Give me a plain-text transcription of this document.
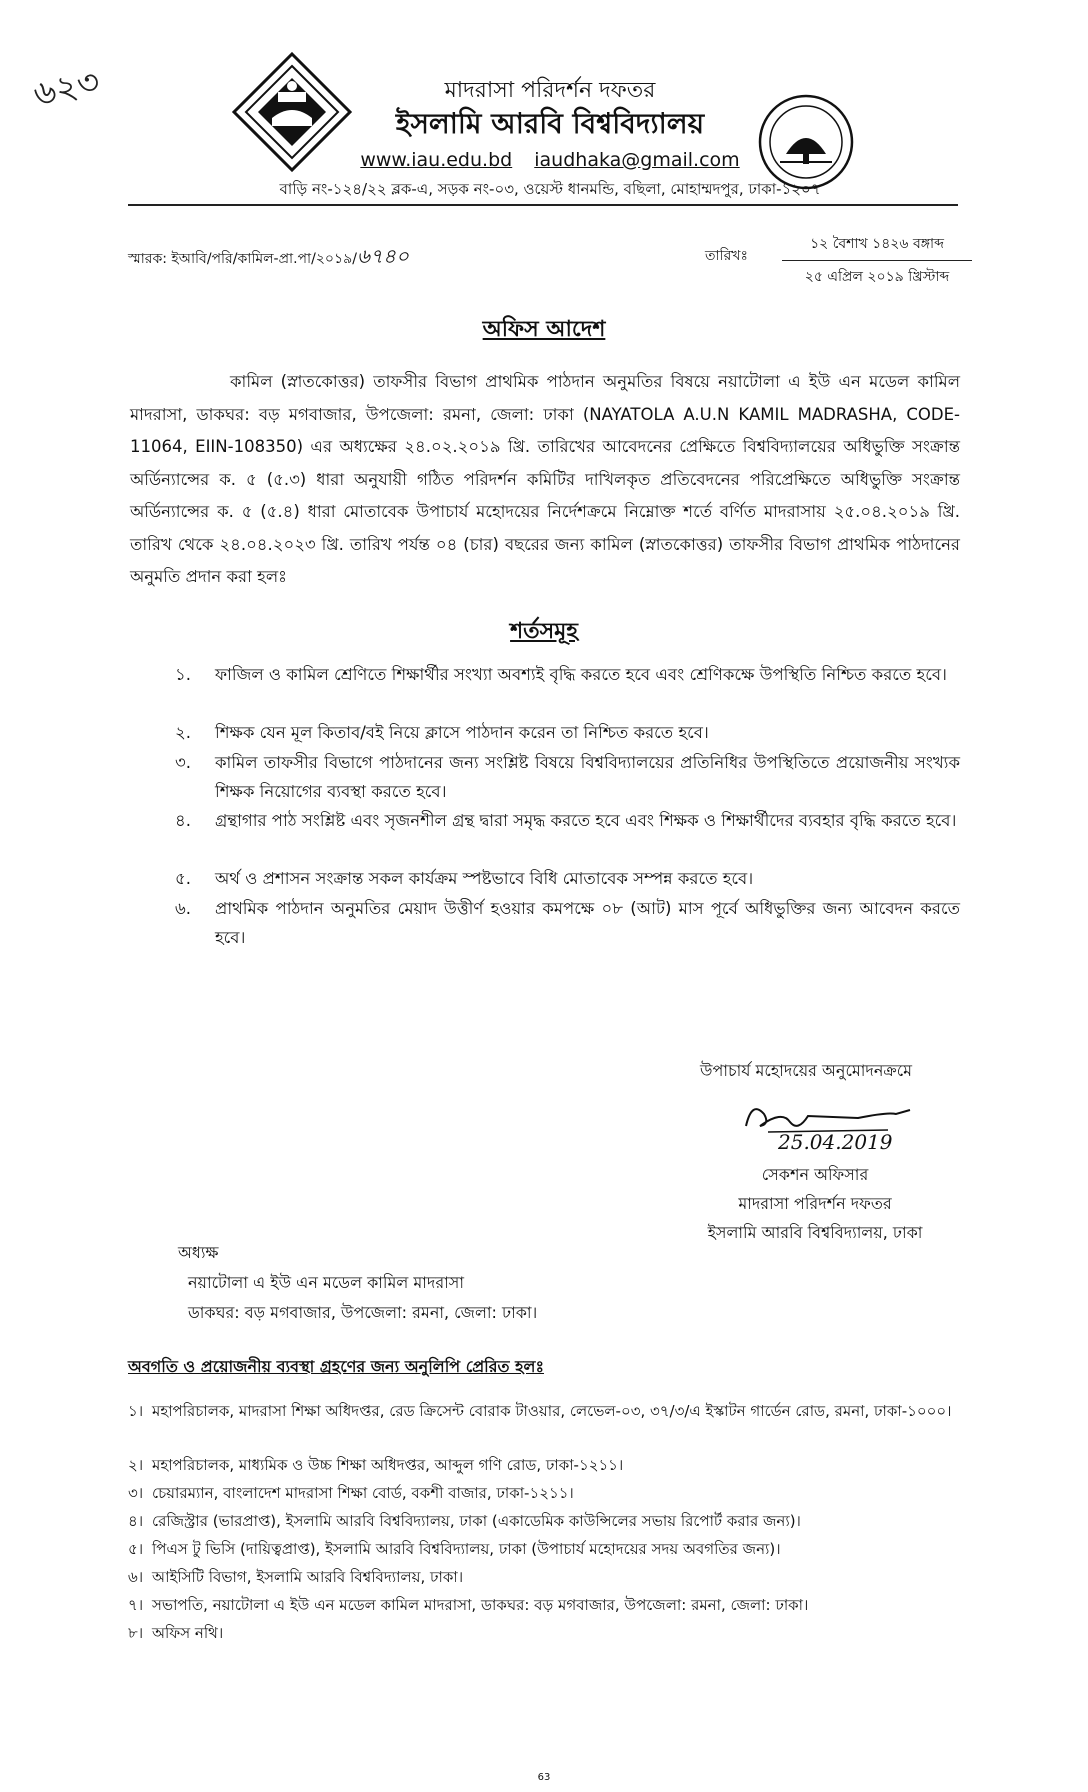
৬২৩	মাদরাসা পরিদর্শন দফতর
ইসলামি আরবি বিশ্ববিদ্যালয়
www.iau.edu.bd iaudhaka@gmail.com
বাড়ি নং-১২৪/২২ ব্লক-এ, সড়ক নং-০৩, ওয়েস্ট ধানমন্ডি, বছিলা, মোহাম্মদপুর, ঢাকা-১২০৭
স্মারক: ইআবি/পরি/কামিল-প্রা.পা/২০১৯/৬৭৪০	তারিখঃ
১২ বৈশাখ ১৪২৬ বঙ্গাব্দ
২৫ এপ্রিল ২০১৯ খ্রিস্টাব্দ
অফিস আদেশ
কামিল (স্নাতকোত্তর) তাফসীর বিভাগ প্রাথমিক পাঠদান অনুমতির বিষয়ে নয়াটোলা এ ইউ এন মডেল কামিল মাদরাসা, ডাকঘর: বড় মগবাজার, উপজেলা: রমনা, জেলা: ঢাকা (NAYATOLA A.U.N KAMIL MADRASHA, CODE-11064, EIIN-108350) এর অধ্যক্ষের ২৪.০২.২০১৯ খ্রি. তারিখের আবেদনের প্রেক্ষিতে বিশ্ববিদ্যালয়ের অধিভুক্তি সংক্রান্ত অর্ডিন্যান্সের ক. ৫ (৫.৩) ধারা অনুযায়ী গঠিত পরিদর্শন কমিটির দাখিলকৃত প্রতিবেদনের পরিপ্রেক্ষিতে অধিভুক্তি সংক্রান্ত অর্ডিন্যান্সের ক. ৫ (৫.৪) ধারা মোতাবেক উপাচার্য মহোদয়ের নির্দেশক্রমে নিম্নোক্ত শর্তে বর্ণিত মাদরাসায় ২৫.০৪.২০১৯ খ্রি. তারিখ থেকে ২৪.০৪.২০২৩ খ্রি. তারিখ পর্যন্ত ০৪ (চার) বছরের জন্য কামিল (স্নাতকোত্তর) তাফসীর বিভাগ প্রাথমিক পাঠদানের অনুমতি প্রদান করা হলঃ
শর্তসমূহ
১.	ফাজিল ও কামিল শ্রেণিতে শিক্ষার্থীর সংখ্যা অবশ্যই বৃদ্ধি করতে হবে এবং শ্রেণিকক্ষে উপস্থিতি নিশ্চিত করতে হবে।
২.	শিক্ষক যেন মূল কিতাব/বই নিয়ে ক্লাসে পাঠদান করেন তা নিশ্চিত করতে হবে।
৩.	কামিল তাফসীর বিভাগে পাঠদানের জন্য সংশ্লিষ্ট বিষয়ে বিশ্ববিদ্যালয়ের প্রতিনিধির উপস্থিতিতে প্রয়োজনীয় সংখ্যক শিক্ষক নিয়োগের ব্যবস্থা করতে হবে।
৪.	গ্রন্থাগার পাঠ সংশ্লিষ্ট এবং সৃজনশীল গ্রন্থ দ্বারা সমৃদ্ধ করতে হবে এবং শিক্ষক ও শিক্ষার্থীদের ব্যবহার বৃদ্ধি করতে হবে।
৫.	অর্থ ও প্রশাসন সংক্রান্ত সকল কার্যক্রম স্পষ্টভাবে বিধি মোতাবেক সম্পন্ন করতে হবে।
৬.	প্রাথমিক পাঠদান অনুমতির মেয়াদ উত্তীর্ণ হওয়ার কমপক্ষে ০৮ (আট) মাস পূর্বে অধিভুক্তির জন্য আবেদন করতে হবে।
উপাচার্য মহোদয়ের অনুমোদনক্রমে
25.04.2019
সেকশন অফিসার
মাদরাসা পরিদর্শন দফতর
ইসলামি আরবি বিশ্ববিদ্যালয়, ঢাকা
অধ্যক্ষ
নয়াটোলা এ ইউ এন মডেল কামিল মাদরাসা
ডাকঘর: বড় মগবাজার, উপজেলা: রমনা, জেলা: ঢাকা।
অবগতি ও প্রয়োজনীয় ব্যবস্থা গ্রহণের জন্য অনুলিপি প্রেরিত হলঃ
১। মহাপরিচালক, মাদরাসা শিক্ষা অধিদপ্তর, রেড ক্রিসেন্ট বোরাক টাওয়ার, লেভেল-০৩, ৩৭/৩/এ ইস্কাটন গার্ডেন রোড, রমনা, ঢাকা-১০০০।
২। মহাপরিচালক, মাধ্যমিক ও উচ্চ শিক্ষা অধিদপ্তর, আব্দুল গণি রোড, ঢাকা-১২১১।
৩। চেয়ারম্যান, বাংলাদেশ মাদরাসা শিক্ষা বোর্ড, বকশী বাজার, ঢাকা-১২১১।
৪। রেজিস্ট্রার (ভারপ্রাপ্ত), ইসলামি আরবি বিশ্ববিদ্যালয়, ঢাকা (একাডেমিক কাউন্সিলের সভায় রিপোর্ট করার জন্য)।
৫। পিএস টু ভিসি (দায়িত্বপ্রাপ্ত), ইসলামি আরবি বিশ্ববিদ্যালয়, ঢাকা (উপাচার্য মহোদয়ের সদয় অবগতির জন্য)।
৬। আইসিটি বিভাগ, ইসলামি আরবি বিশ্ববিদ্যালয়, ঢাকা।
৭। সভাপতি, নয়াটোলা এ ইউ এন মডেল কামিল মাদরাসা, ডাকঘর: বড় মগবাজার, উপজেলা: রমনা, জেলা: ঢাকা।
৮। অফিস নথি।
63
